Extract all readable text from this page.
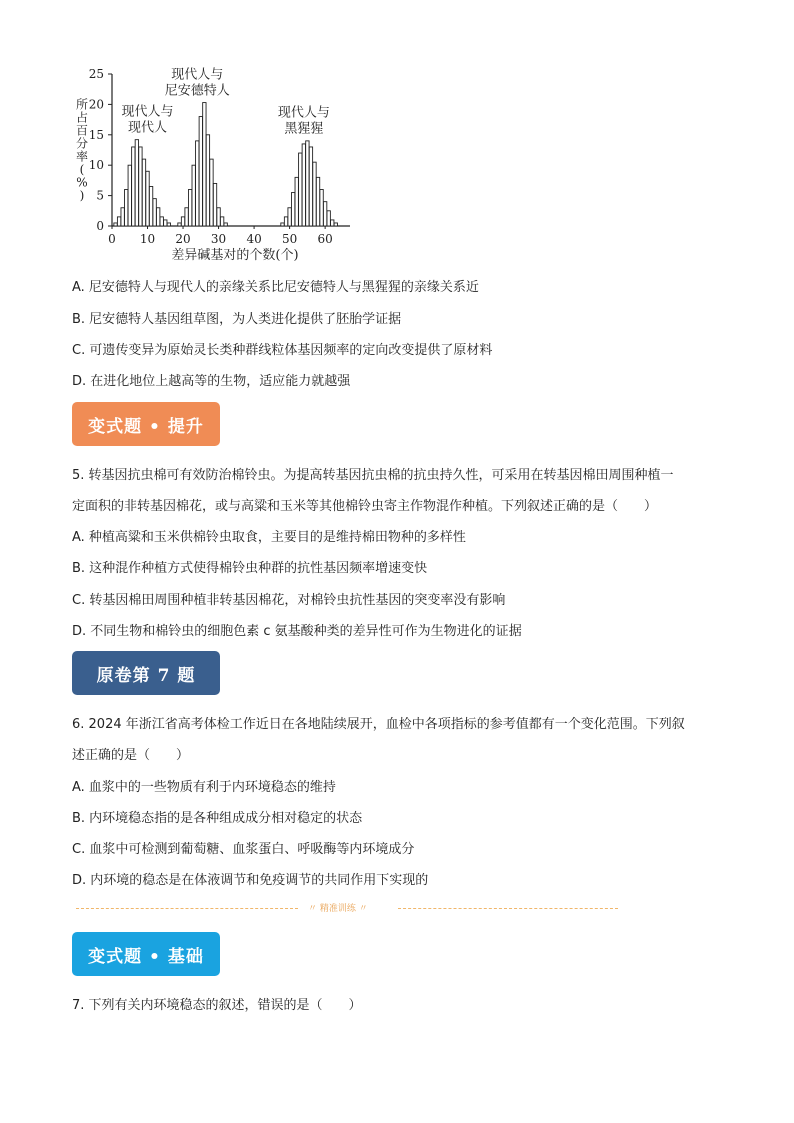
所
占
百
分
率
(
%
)
0
5
10
15
20
25
0 10 20 30 40 50 60
现代人与
现代人
现代人与
尼安德特人
现代人与
黑猩猩
差异碱基对的个数(个)
A. 尼安德特人与现代人的亲缘关系比尼安德特人与黑猩猩的亲缘关系近
B. 尼安德特人基因组草图，为人类进化提供了胚胎学证据
C. 可遗传变异为原始灵长类种群线粒体基因频率的定向改变提供了原材料
D. 在进化地位上越高等的生物，适应能力就越强
变式题 • 提升
5. 转基因抗虫棉可有效防治棉铃虫。为提高转基因抗虫棉的抗虫持久性，可采用在转基因棉田周围种植一
定面积的非转基因棉花，或与高粱和玉米等其他棉铃虫寄主作物混作种植。下列叙述正确的是（　　）
A. 种植高粱和玉米供棉铃虫取食，主要目的是维持棉田物种的多样性
B. 这种混作种植方式使得棉铃虫种群的抗性基因频率增速变快
C. 转基因棉田周围种植非转基因棉花，对棉铃虫抗性基因的突变率没有影响
D. 不同生物和棉铃虫的细胞色素 c 氨基酸种类的差异性可作为生物进化的证据
原卷第 7 题
6. 2024 年浙江省高考体检工作近日在各地陆续展开，血检中各项指标的参考值都有一个变化范围。下列叙
述正确的是（　　）
A. 血浆中的一些物质有利于内环境稳态的维持
B. 内环境稳态指的是各种组成成分相对稳定的状态
C. 血浆中可检测到葡萄糖、血浆蛋白、呼吸酶等内环境成分
D. 内环境的稳态是在体液调节和免疫调节的共同作用下实现的
〃 精准训练 〃
变式题 • 基础
7. 下列有关内环境稳态的叙述，错误的是（　　）
